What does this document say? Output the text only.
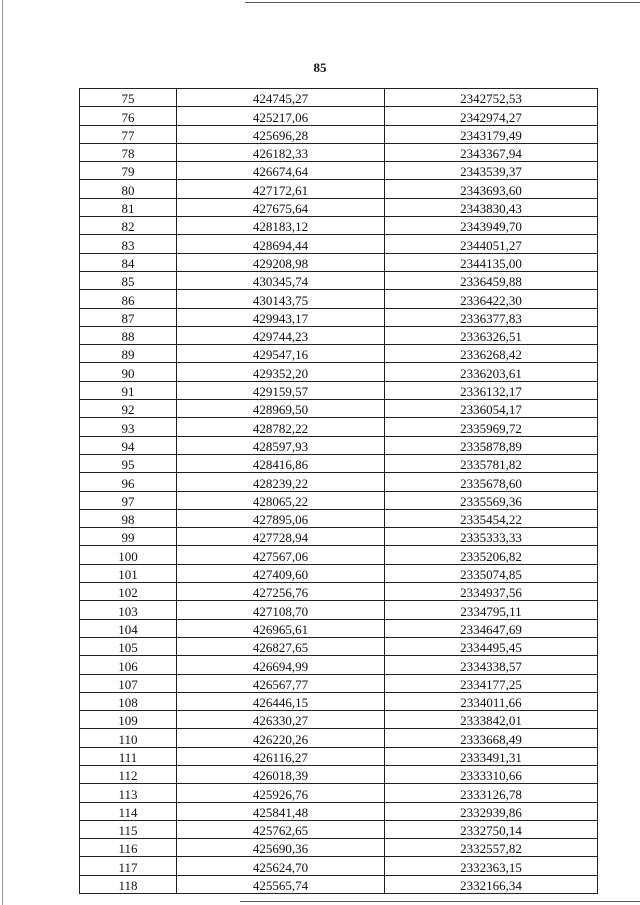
85
75	424745,27	2342752,53
76	425217,06	2342974,27
77	425696,28	2343179,49
78	426182,33	2343367,94
79	426674,64	2343539,37
80	427172,61	2343693,60
81	427675,64	2343830,43
82	428183,12	2343949,70
83	428694,44	2344051,27
84	429208,98	2344135,00
85	430345,74	2336459,88
86	430143,75	2336422,30
87	429943,17	2336377,83
88	429744,23	2336326,51
89	429547,16	2336268,42
90	429352,20	2336203,61
91	429159,57	2336132,17
92	428969,50	2336054,17
93	428782,22	2335969,72
94	428597,93	2335878,89
95	428416,86	2335781,82
96	428239,22	2335678,60
97	428065,22	2335569,36
98	427895,06	2335454,22
99	427728,94	2335333,33
100	427567,06	2335206,82
101	427409,60	2335074,85
102	427256,76	2334937,56
103	427108,70	2334795,11
104	426965,61	2334647,69
105	426827,65	2334495,45
106	426694,99	2334338,57
107	426567,77	2334177,25
108	426446,15	2334011,66
109	426330,27	2333842,01
110	426220,26	2333668,49
111	426116,27	2333491,31
112	426018,39	2333310,66
113	425926,76	2333126,78
114	425841,48	2332939,86
115	425762,65	2332750,14
116	425690,36	2332557,82
117	425624,70	2332363,15
118	425565,74	2332166,34
